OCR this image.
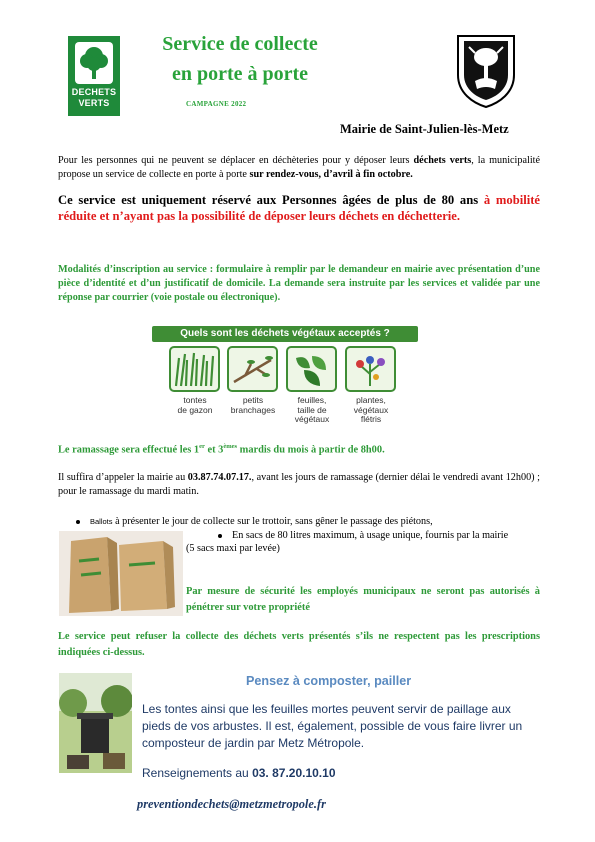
DECHETS
VERTS
Service de collecte
en porte à porte
CAMPAGNE 2022
Mairie de Saint-Julien-lès-Metz
Pour les personnes qui ne peuvent se déplacer en déchèteries pour y déposer leurs déchets verts, la municipalité propose un service de collecte en porte à porte sur rendez-vous, d’avril à fin octobre.
Ce service est uniquement réservé aux Personnes âgées de plus de 80 ans à mobilité réduite et n’ayant pas la possibilité de déposer leurs déchets en déchetterie.
Modalités d’inscription au service : formulaire à remplir par le demandeur en mairie avec présentation d’une pièce d’identité et d’un justificatif de domicile. La demande sera instruite par les services et validée par une réponse par courrier (voie postale ou électronique).
Quels sont les déchets végétaux acceptés ?
tontes
de gazon
petits
branchages
feuilles,
taille de
végétaux
plantes,
végétaux
flétris
Le ramassage sera effectué les 1er et 3èmes mardis du mois à partir de 8h00.
Il suffira d’appeler la mairie au 03.87.74.07.17., avant les jours de ramassage (dernier délai le vendredi avant 12h00) ; pour le ramassage du mardi matin.
Ballots à présenter le jour de collecte sur le trottoir, sans gêner le passage des piétons,
En sacs de 80 litres maximum, à usage unique, fournis par la mairie
(5 sacs maxi par levée)
Par mesure de sécurité les employés municipaux ne seront pas autorisés à pénétrer sur votre propriété
Le service peut refuser la collecte des déchets verts présentés s’ils ne respectent pas les prescriptions indiquées ci-dessus.
Pensez à composter, pailler
Les tontes ainsi que les feuilles mortes peuvent servir de paillage aux pieds de vos arbustes. Il est, également, possible de vous faire livrer un composteur de jardin par Metz Métropole.
Renseignements au 03. 87.20.10.10
preventiondechets@metzmetropole.fr
